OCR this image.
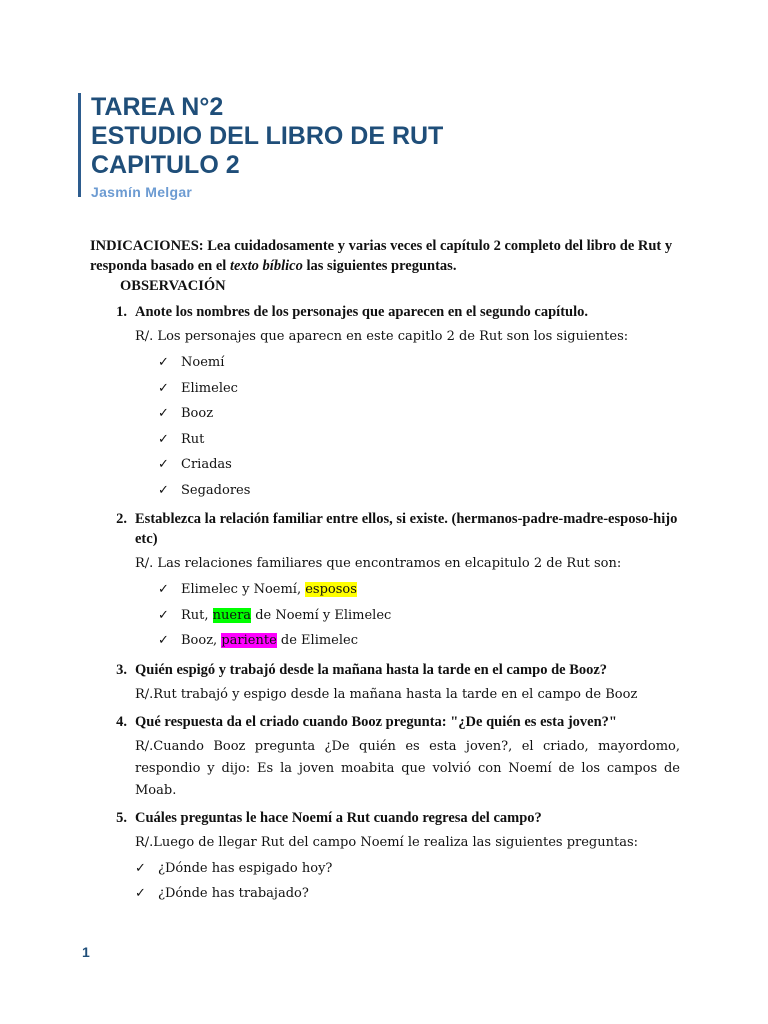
TAREA N°2

ESTUDIO DEL LIBRO DE RUT

CAPITULO 2

Jasmín Melgar

INDICACIONES: Lea cuidadosamente y varias veces el capítulo 2 completo del libro de Rut y responda basado en el texto bíblico las siguientes preguntas.

OBSERVACIÓN

1. Anote los nombres de los personajes que aparecen en el segundo capítulo.

R/. Los personajes que aparecn en este capitlo 2 de Rut son los siguientes:

✓ Noemí
✓ Elimelec
✓ Booz
✓ Rut
✓ Criadas
✓ Segadores
2. Establezca la relación familiar entre ellos, si existe. (hermanos-padre-madre-esposo-hijo etc)

R/. Las relaciones familiares que encontramos en elcapitulo 2 de Rut son:

✓ Elimelec y Noemí, esposos
✓ Rut, nuera de Noemí y Elimelec
✓ Booz, pariente de Elimelec
3. Quién espigó y trabajó desde la mañana hasta la tarde en el campo de Booz?

R/.Rut trabajó y espigo desde la mañana hasta la tarde en el campo de Booz

4. Qué respuesta da el criado cuando Booz pregunta: "¿De quién es esta joven?"

R/.Cuando Booz pregunta ¿De quién es esta joven?, el criado, mayordomo, respondio y dijo: Es la joven moabita que volvió con Noemí de los campos de Moab.

5. Cuáles preguntas le hace Noemí a Rut cuando regresa del campo?

R/.Luego de llegar Rut del campo Noemí le realiza las siguientes preguntas:

✓ ¿Dónde has espigado hoy?
✓ ¿Dónde has trabajado?
1
